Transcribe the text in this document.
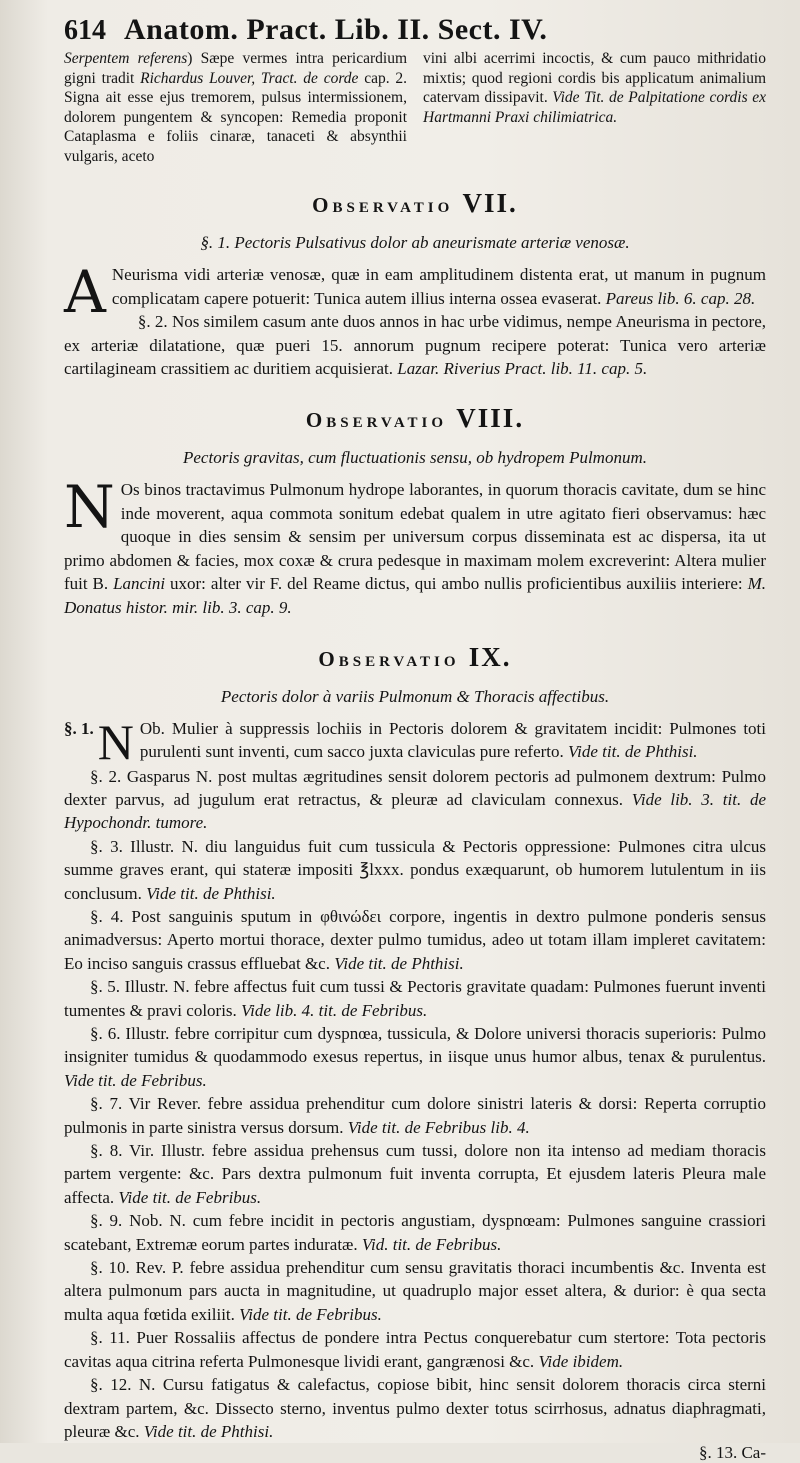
614 Anatom. Pract. Lib. II. Sect. IV.
Serpentem referens) Sæpe vermes intra pericardium gigni tradit Richardus Louver, Tract. de corde cap. 2. Signa ait esse ejus tremorem, pulsus intermissionem, dolorem pungentem & syncopen: Remedia proponit Cataplasma e foliis cinaræ, tanaceti & absynthii vulgaris, aceto
vini albi acerrimi incoctis, & cum pauco mithridatio mixtis; quod regioni cordis bis applicatum animalium catervam dissipavit. Vide Tit. de Palpitatione cordis ex Hartmanni Praxi chilimiatrica.
Observatio VII.
§. 1. Pectoris Pulsativus dolor ab aneurismate arteriæ venosæ.

A Neurisma vidi arteriæ venosæ, quæ in eam amplitudinem distenta erat, ut manum in pugnum complicatam capere potuerit: Tunica autem illius interna ossea evaserat. Pareus lib. 6. cap. 28.

§. 2. Nos similem casum ante duos annos in hac urbe vidimus, nempe Aneurisma in pectore, ex arteriæ dilatatione, quæ pueri 15. annorum pugnum recipere poterat: Tunica vero arteriæ cartilagineam crassitiem ac duritiem acquisierat. Lazar. Riverius Pract. lib. 11. cap. 5.

Observatio VIII.
Pectoris gravitas, cum fluctuationis sensu, ob hydropem Pulmonum.

N Os binos tractavimus Pulmonum hydrope laborantes, in quorum thoracis cavitate, dum se hinc inde moverent, aqua commota sonitum edebat qualem in utre agitato fieri observamus: hæc quoque in dies sensim & sensim per universum corpus disseminata est ac dispersa, ita ut primo abdomen & facies, mox coxæ & crura pedesque in maximam molem excreverint: Altera mulier fuit B. Lancini uxor: alter vir F. del Reame dictus, qui ambo nullis proficientibus auxiliis interiere: M. Donatus histor. mir. lib. 3. cap. 9.

Observatio IX.
Pectoris dolor à variis Pulmonum & Thoracis affectibus.

§. 1. N Ob. Mulier à suppressis lochiis in Pectoris dolorem & gravitatem incidit: Pulmones toti purulenti sunt inventi, cum sacco juxta claviculas pure referto. Vide tit. de Phthisi.

§. 2. Gasparus N. post multas ægritudines sensit dolorem pectoris ad pulmonem dextrum: Pulmo dexter parvus, ad jugulum erat retractus, & pleuræ ad claviculam connexus. Vide lib. 3. tit. de Hypochondr. tumore.

§. 3. Illustr. N. diu languidus fuit cum tussicula & Pectoris oppressione: Pulmones citra ulcus summe graves erant, qui stateræ impositi ℥lxxx. pondus exæquarunt, ob humorem lutulentum in iis conclusum. Vide tit. de Phthisi.

§. 4. Post sanguinis sputum in φθινώδει corpore, ingentis in dextro pulmone ponderis sensus animadversus: Aperto mortui thorace, dexter pulmo tumidus, adeo ut totam illam impleret cavitatem: Eo inciso sanguis crassus effluebat &c. Vide tit. de Phthisi.

§. 5. Illustr. N. febre affectus fuit cum tussi & Pectoris gravitate quadam: Pulmones fuerunt inventi tumentes & pravi coloris. Vide lib. 4. tit. de Febribus.

§. 6. Illustr. febre corripitur cum dyspnœa, tussicula, & Dolore universi thoracis superioris: Pulmo insigniter tumidus & quodammodo exesus repertus, in iisque unus humor albus, tenax & purulentus. Vide tit. de Febribus.

§. 7. Vir Rever. febre assidua prehenditur cum dolore sinistri lateris & dorsi: Reperta corruptio pulmonis in parte sinistra versus dorsum. Vide tit. de Febribus lib. 4.

§. 8. Vir. Illustr. febre assidua prehensus cum tussi, dolore non ita intenso ad mediam thoracis partem vergente: &c. Pars dextra pulmonum fuit inventa corrupta, Et ejusdem lateris Pleura male affecta. Vide tit. de Febribus.

§. 9. Nob. N. cum febre incidit in pectoris angustiam, dyspnœam: Pulmones sanguine crassiori scatebant, Extremæ eorum partes induratæ. Vid. tit. de Febribus.

§. 10. Rev. P. febre assidua prehenditur cum sensu gravitatis thoraci incumbentis &c. Inventa est altera pulmonum pars aucta in magnitudine, ut quadruplo major esset altera, & durior: è qua secta multa aqua fœtida exiliit. Vide tit. de Febribus.

§. 11. Puer Rossaliis affectus de pondere intra Pectus conquerebatur cum stertore: Tota pectoris cavitas aqua citrina referta Pulmonesque lividi erant, gangrænosi &c. Vide ibidem.

§. 12. N. Cursu fatigatus & calefactus, copiose bibit, hinc sensit dolorem thoracis circa sterni dextram partem, &c. Dissecto sterno, inventus pulmo dexter totus scirrhosus, adnatus diaphragmati, pleuræ &c. Vide tit. de Phthisi.

§. 13. Ca-
